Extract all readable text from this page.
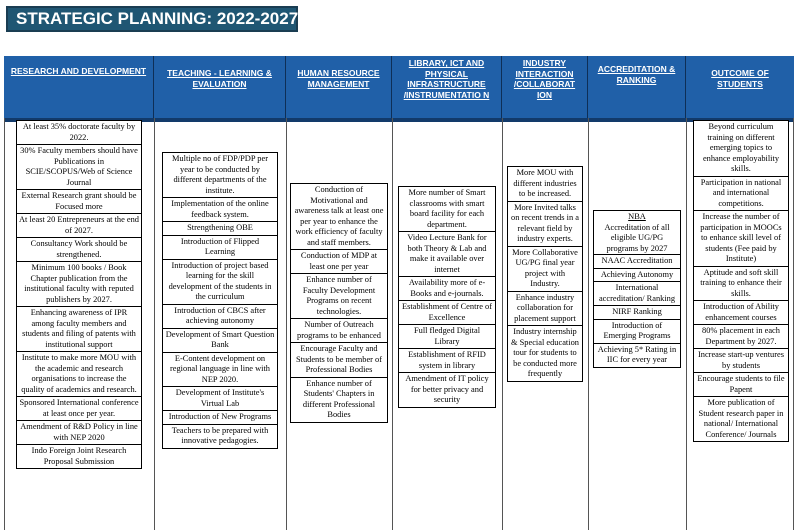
STRATEGIC PLANNING: 2022-2027
RESEARCH AND DEVELOPMENT	TEACHING - LEARNING & EVALUATION
HUMAN RESOURCE MANAGEMENT
LIBRARY, ICT AND PHYSICAL INFRASTRUCTURE /INSTRUMENTATIO N
INDUSTRY INTERACTION /COLLABORAT ION
ACCREDITATION & RANKING
OUTCOME OF STUDENTS
At least 35% doctorate faculty by 2022.
30% Faculty members should have Publications in SCIE/SCOPUS/Web of Science Journal
External Research grant should be Focused more
At least 20 Entrepreneurs at the end of 2027.
Consultancy Work should be strengthened.
Minimum 100 books / Book Chapter publication from the institutional faculty with reputed publishers by 2027.
Enhancing awareness of IPR among faculty members and students and filing of patents with institutional support
Institute to make more MOU with the academic and research organisations to increase the quality of academics and research.
Sponsored International conference at least once per year.
Amendment of R&D Policy in line with NEP 2020
Indo Foreign Joint Research Proposal Submission
Multiple no of FDP/PDP per year to be conducted by different departments of the institute.
Implementation of the online feedback system.
Strengthening OBE
Introduction of Flipped Learning
Introduction of project based learning for the skill development of the students in the curriculum
Introduction of CBCS after achieving autonomy
Development of Smart Question Bank
E-Content development on regional language in line with NEP 2020.
Development of Institute's Virtual Lab
Introduction of New Programs
Teachers to be prepared with innovative pedagogies.
Conduction of Motivational and awareness talk at least one per year to enhance the work efficiency of faculty and staff members.
Conduction of MDP at least one per year
Enhance number of Faculty Development Programs on recent technologies.
Number of Outreach programs to be enhanced
Encourage Faculty and Students to be member of Professional Bodies
Enhance number of Students' Chapters in different Professional Bodies
More number of Smart classrooms with smart board facility for each department.
Video Lecture Bank for both Theory & Lab and make it available over internet
Availability more of e-Books and e-journals.
Establishment of Centre of Excellence
Full fledged Digital Library
Establishment of RFID system in library
Amendment of IT policy for better privacy and security
More MOU with different industries to be increased.
More Invited talks on recent trends in a relevant field by industry experts.
More Collaborative UG/PG final year project with Industry.
Enhance industry collaboration for placement support
Industry internship & Special education tour for students to be conducted more frequently
NBA
Accreditation of all eligible UG/PG programs by 2027
NAAC Accreditation
Achieving Autonomy
International accreditation/ Ranking
NIRF Ranking
Introduction of Emerging Programs
Achieving 5* Rating in IIC for every year
Beyond curriculum training on different emerging topics to enhance employability skills.
Participation in national and international competitions.
Increase the number of participation in MOOCs to enhance skill level of students (Fee paid by Institute)
Aptitude and soft skill training to enhance their skills.
Introduction of Ability enhancement courses
80% placement in each Department by 2027.
Increase start-up ventures by students
Encourage students to file Papent
More publication of Student research paper in national/ International Conference/ Journals
